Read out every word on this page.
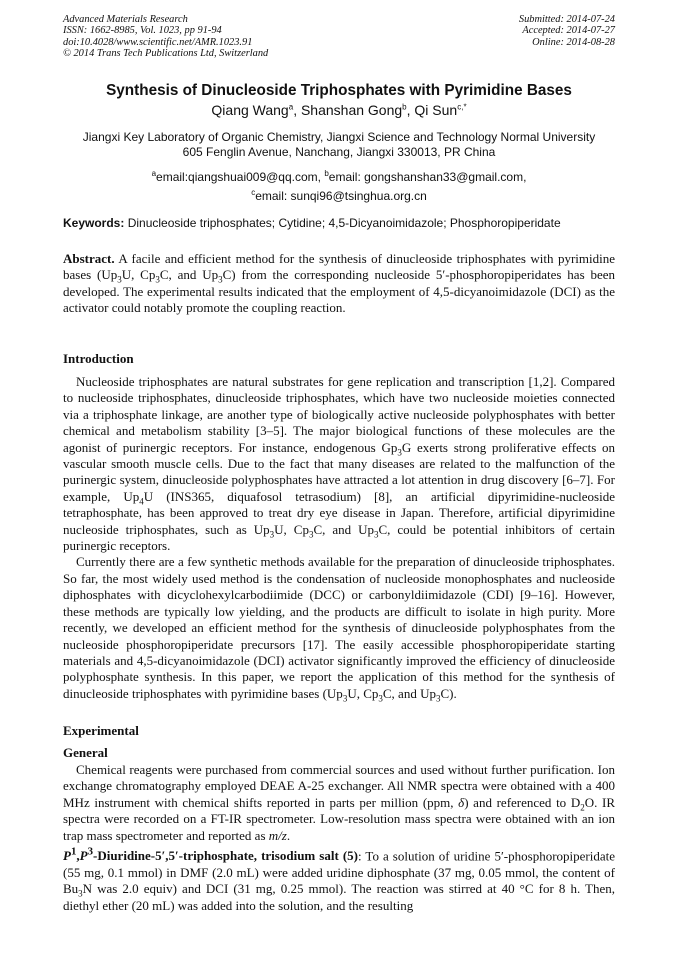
Advanced Materials Research
ISSN: 1662-8985, Vol. 1023, pp 91-94
doi:10.4028/www.scientific.net/AMR.1023.91
© 2014 Trans Tech Publications Ltd, Switzerland
Submitted: 2014-07-24
Accepted: 2014-07-27
Online: 2014-08-28
Synthesis of Dinucleoside Triphosphates with Pyrimidine Bases
Qiang Wang$^a$, Shanshan Gong$^b$, Qi Sun$^{c,*}$
Jiangxi Key Laboratory of Organic Chemistry, Jiangxi Science and Technology Normal University
605 Fenglin Avenue, Nanchang, Jiangxi 330013, PR China
$^a$email:qiangshuai009@qq.com, $^b$email: gongshanshan33@gmail.com,
$^c$email: sunqi96@tsinghua.org.cn
Keywords: Dinucleoside triphosphates; Cytidine; 4,5-Dicyanoimidazole; Phosphoropiperidate
Abstract. A facile and efficient method for the synthesis of dinucleoside triphosphates with pyrimidine bases ($Up_3U$, $Cp_3C$, and $Up_3C$) from the corresponding nucleoside 5′-phosphoropiperidates has been developed. The experimental results indicated that the employment of 4,5-dicyanoimidazole (DCI) as the activator could notably promote the coupling reaction.
Introduction

Nucleoside triphosphates are natural substrates for gene replication and transcription [1,2]. Compared to nucleoside triphosphates, dinucleoside triphosphates, which have two nucleoside moieties connected via a triphosphate linkage, are another type of biologically active nucleoside polyphosphates with better chemical and metabolism stability [3–5]. The major biological functions of these molecules are the agonist of purinergic receptors. For instance, endogenous $Gp_3G$ exerts strong proliferative effects on vascular smooth muscle cells. Due to the fact that many diseases are related to the malfunction of the purinergic system, dinucleoside polyphosphates have attracted a lot attention in drug discovery [6–7]. For example, $Up_4U$ (INS365, diquafosol tetrasodium) [8], an artificial dipyrimidine-nucleoside tetraphosphate, has been approved to treat dry eye disease in Japan. Therefore, artificial dipyrimidine nucleoside triphosphates, such as $Up_3U$, $Cp_3C$, and $Up_3C$, could be potential inhibitors of certain purinergic receptors.

Currently there are a few synthetic methods available for the preparation of dinucleoside triphosphates. So far, the most widely used method is the condensation of nucleoside monophosphates and nucleoside diphosphates with dicyclohexylcarbodiimide (DCC) or carbonyldiimidazole (CDI) [9–16]. However, these methods are typically low yielding, and the products are difficult to isolate in high purity. More recently, we developed an efficient method for the synthesis of dinucleoside polyphosphates from the nucleoside phosphoropiperidate precursors [17]. The easily accessible phosphoropiperidate starting materials and 4,5-dicyanoimidazole (DCI) activator significantly improved the efficiency of dinucleoside polyphosphate synthesis. In this paper, we report the application of this method for the synthesis of dinucleoside triphosphates with pyrimidine bases ($Up_3U$, $Cp_3C$, and $Up_3C$).

Experimental
General

Chemical reagents were purchased from commercial sources and used without further purification. Ion exchange chromatography employed DEAE A-25 exchanger. All NMR spectra were obtained with a 400 MHz instrument with chemical shifts reported in parts per million (ppm, δ) and referenced to $D_2O$. IR spectra were recorded on a FT-IR spectrometer. Low-resolution mass spectra were obtained with an ion trap mass spectrometer and reported as m/z.

$P^1,P^3-Diuridine-5',5'$-triphosphate, trisodium salt (5): To a solution of uridine 5′-phosphoropiperidate (55 mg, 0.1 mmol) in DMF (2.0 mL) were added uridine diphosphate (37 mg, 0.05 mmol, the content of $Bu_3N$ was 2.0 equiv) and DCI (31 mg, 0.25 mmol). The reaction was stirred at 40 °C for 8 h. Then, diethyl ether (20 mL) was added into the solution, and the resulting
